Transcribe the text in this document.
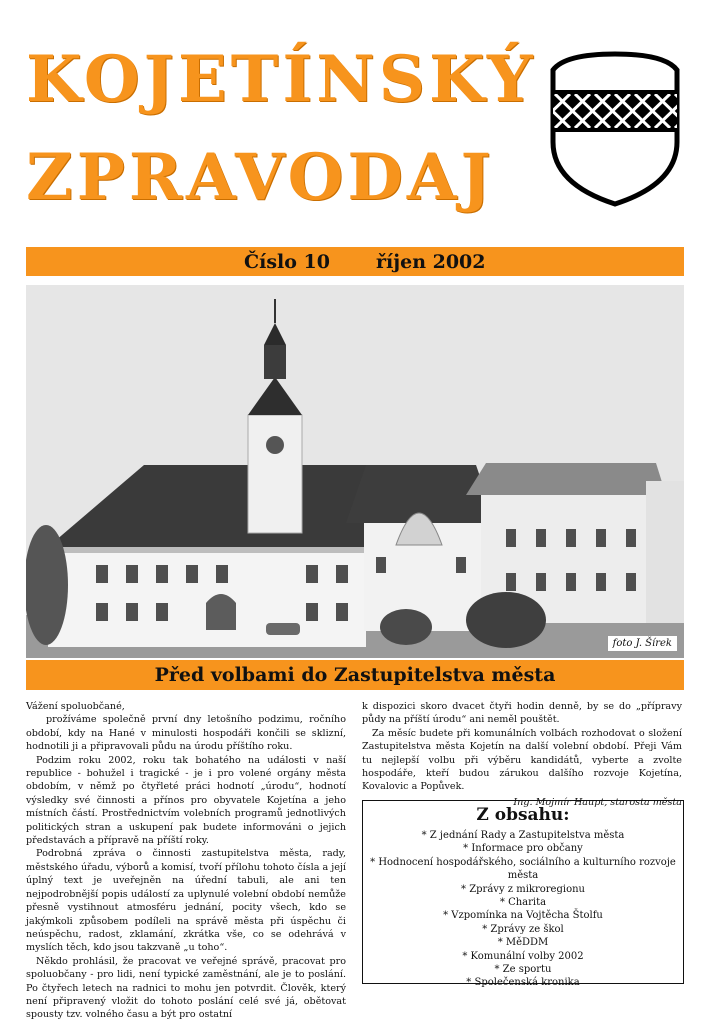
KOJETÍNSKÝ
ZPRAVODAJ
Číslo 10 říjen 2002
foto J. Šírek
Před volbami do Zastupitelstva města

Vážení spoluobčané,

prožíváme společně první dny letošního podzimu, ročního období, kdy na Hané v minulosti hospodáři končili se sklizní, hodnotili ji a připravovali půdu na úrodu příštího roku.

Podzim roku 2002, roku tak bohatého na události v naší republice - bohužel i tragické - je i pro volené orgány města obdobím, v němž po čtyřleté práci hodnotí „úrodu“, hodnotí výsledky své činnosti a přínos pro obyvatele Kojetína a jeho místních částí. Prostřednictvím volebních programů jednotlivých politických stran a uskupení pak budete informováni o jejich představách a přípravě na příští roky.

Podrobná zpráva o činnosti zastupitelstva města, rady, městského úřadu, výborů a komisí, tvoří přílohu tohoto čísla a její úplný text je uveřejněn na úřední tabuli, ale ani ten nejpodrobnější popis událostí za uplynulé volební období nemůže přesně vystihnout atmosféru jednání, pocity všech, kdo se jakýmkoli způsobem podíleli na správě města při úspěchu či neúspěchu, radost, zklamání, zkrátka vše, co se odehrává v myslích těch, kdo jsou takzvaně „u toho“.

Někdo prohlásil, že pracovat ve veřejné správě, pracovat pro spoluobčany - pro lidi, není typické zaměstnání, ale je to poslání. Po čtyřech letech na radnici to mohu jen potvrdit. Člověk, který není připravený vložit do tohoto poslání celé své já, obětovat spousty tzv. volného času a být pro ostatní

k dispozici skoro dvacet čtyři hodin denně, by se do „přípravy půdy na příští úrodu“ ani neměl pouštět.

Za měsíc budete při komunálních volbách rozhodovat o složení Zastupitelstva města Kojetín na další volební období. Přeji Vám tu nejlepší volbu při výběru kandidátů, vyberte a zvolte hospodáře, kteří budou zárukou dalšího rozvoje Kojetína, Kovalovic a Popůvek.

Ing. Mojmír Haupt, starosta města
Z obsahu:
* Z jednání Rady a Zastupitelstva města
* Informace pro občany
* Hodnocení hospodářského, sociálního a kulturního rozvoje města
* Zprávy z mikroregionu
* Charita
* Vzpomínka na Vojtěcha Štolfu
* Zprávy ze škol
* MěDDM
* Komunální volby 2002
* Ze sportu
* Společenská kronika
